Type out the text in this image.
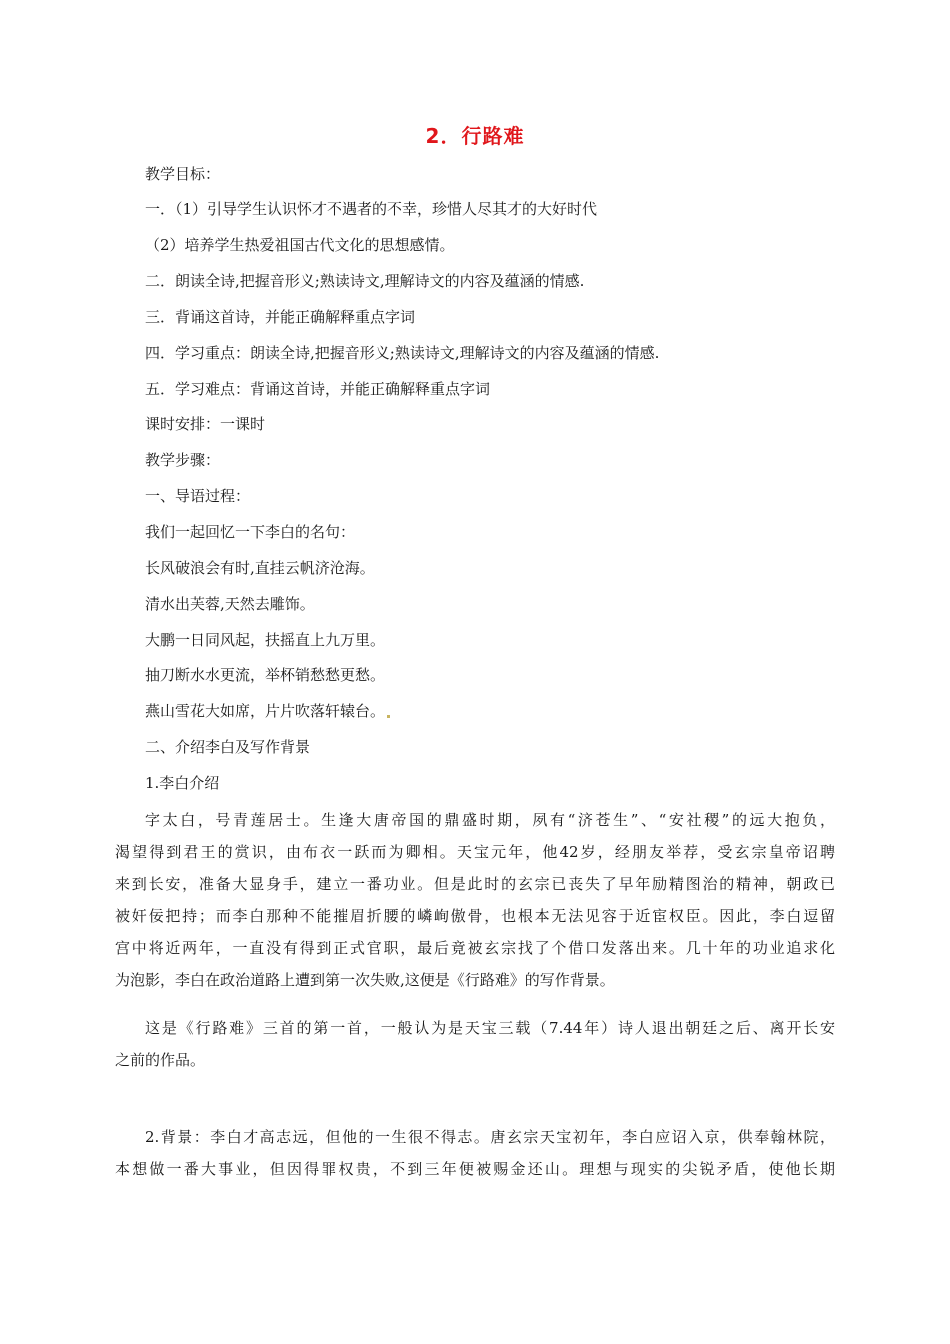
2．行路难
教学目标：
一．（1）引导学生认识怀才不遇者的不幸，珍惜人尽其才的大好时代
（2）培养学生热爱祖国古代文化的思想感情。
二．朗读全诗,把握音形义;熟读诗文,理解诗文的内容及蕴涵的情感.
三．背诵这首诗，并能正确解释重点字词
四．学习重点：朗读全诗,把握音形义;熟读诗文,理解诗文的内容及蕴涵的情感.
五．学习难点：背诵这首诗，并能正确解释重点字词
课时安排：一课时
教学步骤：
一、导语过程：
我们一起回忆一下李白的名句：
长风破浪会有时,直挂云帆济沧海。
清水出芙蓉,天然去雕饰。
大鹏一日同风起，扶摇直上九万里。
抽刀断水水更流，举杯销愁愁更愁。
燕山雪花大如席，片片吹落轩辕台。
二、介绍李白及写作背景
1.李白介绍
字太白，号青莲居士。生逢大唐帝国的鼎盛时期，夙有“济苍生”、“安社稷”的远大抱负，
渴望得到君王的赏识，由布衣一跃而为卿相。天宝元年，他42岁，经朋友举荐，受玄宗皇帝诏聘
来到长安，准备大显身手，建立一番功业。但是此时的玄宗已丧失了早年励精图治的精神，朝政已
被奸佞把持；而李白那种不能摧眉折腰的嶙峋傲骨，也根本无法见容于近宦权臣。因此，李白逗留
宫中将近两年，一直没有得到正式官职，最后竟被玄宗找了个借口发落出来。几十年的功业追求化
为泡影，李白在政治道路上遭到第一次失败,这便是《行路难》的写作背景。
这是《行路难》三首的第一首，一般认为是天宝三载（7.44年）诗人退出朝廷之后、离开长安
之前的作品。
2.背景：李白才高志远，但他的一生很不得志。唐玄宗天宝初年，李白应诏入京，供奉翰林院，
本想做一番大事业，但因得罪权贵，不到三年便被赐金还山。理想与现实的尖锐矛盾，使他长期
